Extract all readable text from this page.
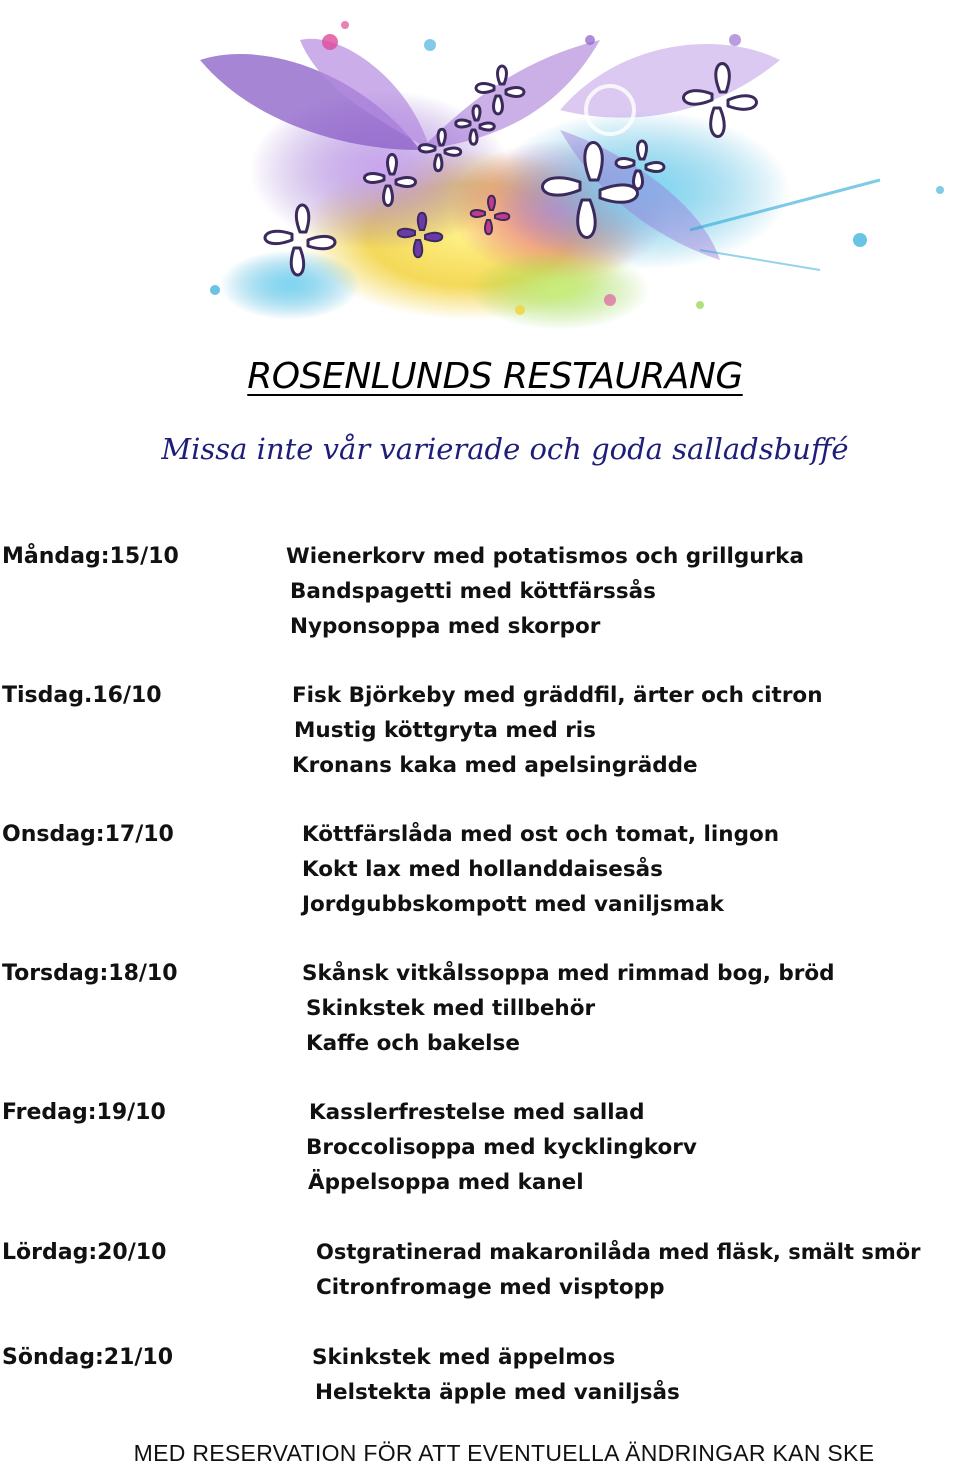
ROSENLUNDS RESTAURANG

Missa inte vår varierade och goda salladsbuffé

Måndag:15/10	Wienerkorv med potatismos och grillgurka
Bandspagetti med köttfärssås
Nyponsoppa med skorpor
Tisdag.16/10	Fisk Björkeby med gräddfil, ärter och citron
Mustig köttgryta med ris
Kronans kaka med apelsingrädde
Onsdag:17/10	Köttfärslåda med ost och tomat, lingon
Kokt lax med hollanddaisesås
Jordgubbskompott med vaniljsmak
Torsdag:18/10	Skånsk vitkålssoppa med rimmad bog, bröd
Skinkstek med tillbehör
Kaffe och bakelse
Fredag:19/10	Kasslerfrestelse med sallad
Broccolisoppa med kycklingkorv
Äppelsoppa med kanel
Lördag:20/10	Ostgratinerad makaronilåda med fläsk, smält smör
Citronfromage med visptopp
Söndag:21/10	Skinkstek med äppelmos
Helstekta äpple med vaniljsås

MED RESERVATION FÖR ATT EVENTUELLA ÄNDRINGAR KAN SKE
